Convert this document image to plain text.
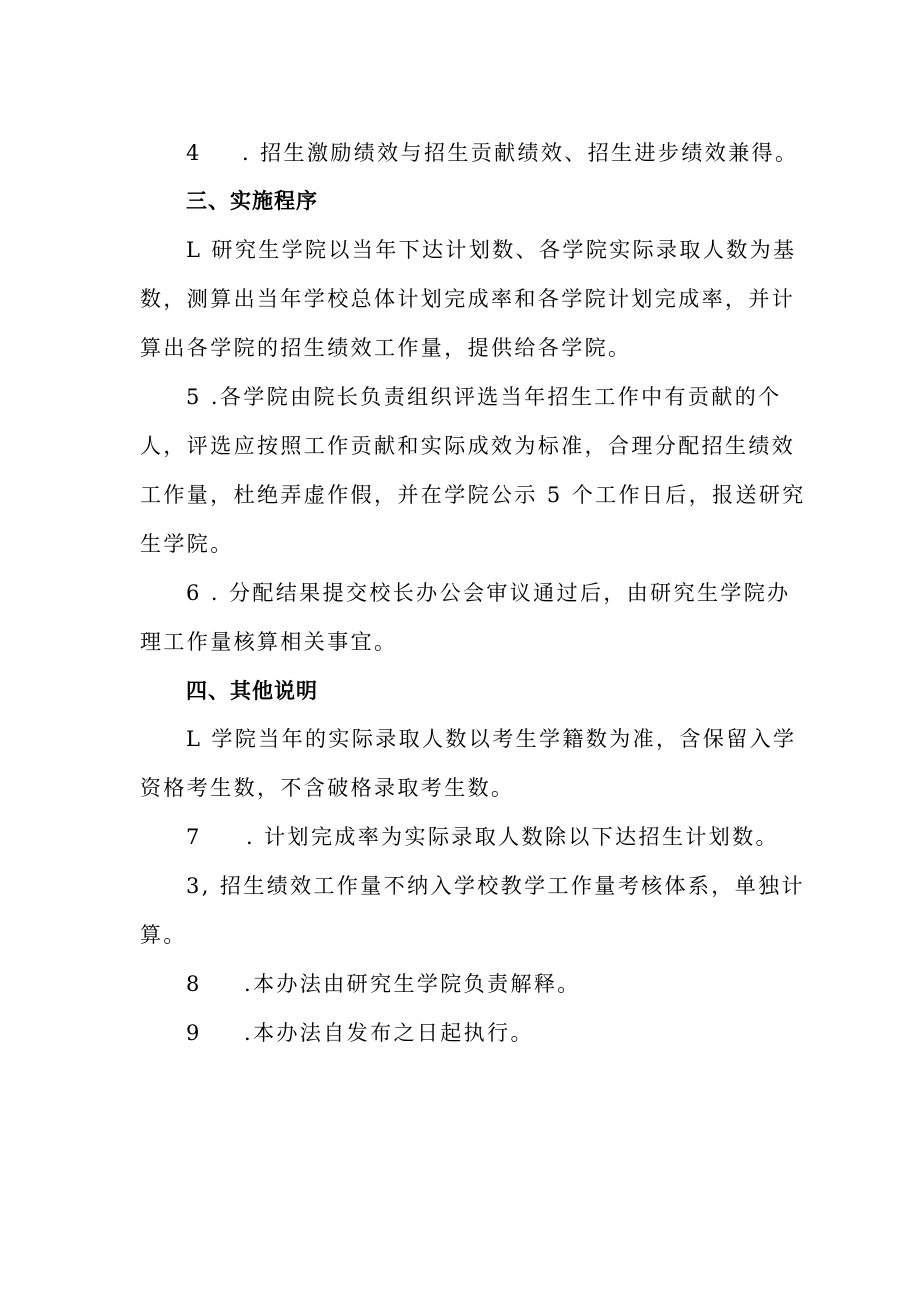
4 . 招生激励绩效与招生贡献绩效、招生进步绩效兼得。
三、实施程序
L 研究生学院以当年下达计划数、各学院实际录取人数为基
数，测算出当年学校总体计划完成率和各学院计划完成率，并计
算出各学院的招生绩效工作量，提供给各学院。
5 .各学院由院长负责组织评选当年招生工作中有贡献的个
人，评选应按照工作贡献和实际成效为标准，合理分配招生绩效
工作量，杜绝弄虚作假，并在学院公示 5 个工作日后，报送研究
生学院。
6 . 分配结果提交校长办公会审议通过后，由研究生学院办
理工作量核算相关事宜。
四、其他说明
L 学院当年的实际录取人数以考生学籍数为准，含保留入学
资格考生数，不含破格录取考生数。
7 . 计划完成率为实际录取人数除以下达招生计划数。
3, 招生绩效工作量不纳入学校教学工作量考核体系，单独计
算。
8 .本办法由研究生学院负责解释。
9 .本办法自发布之日起执行。
